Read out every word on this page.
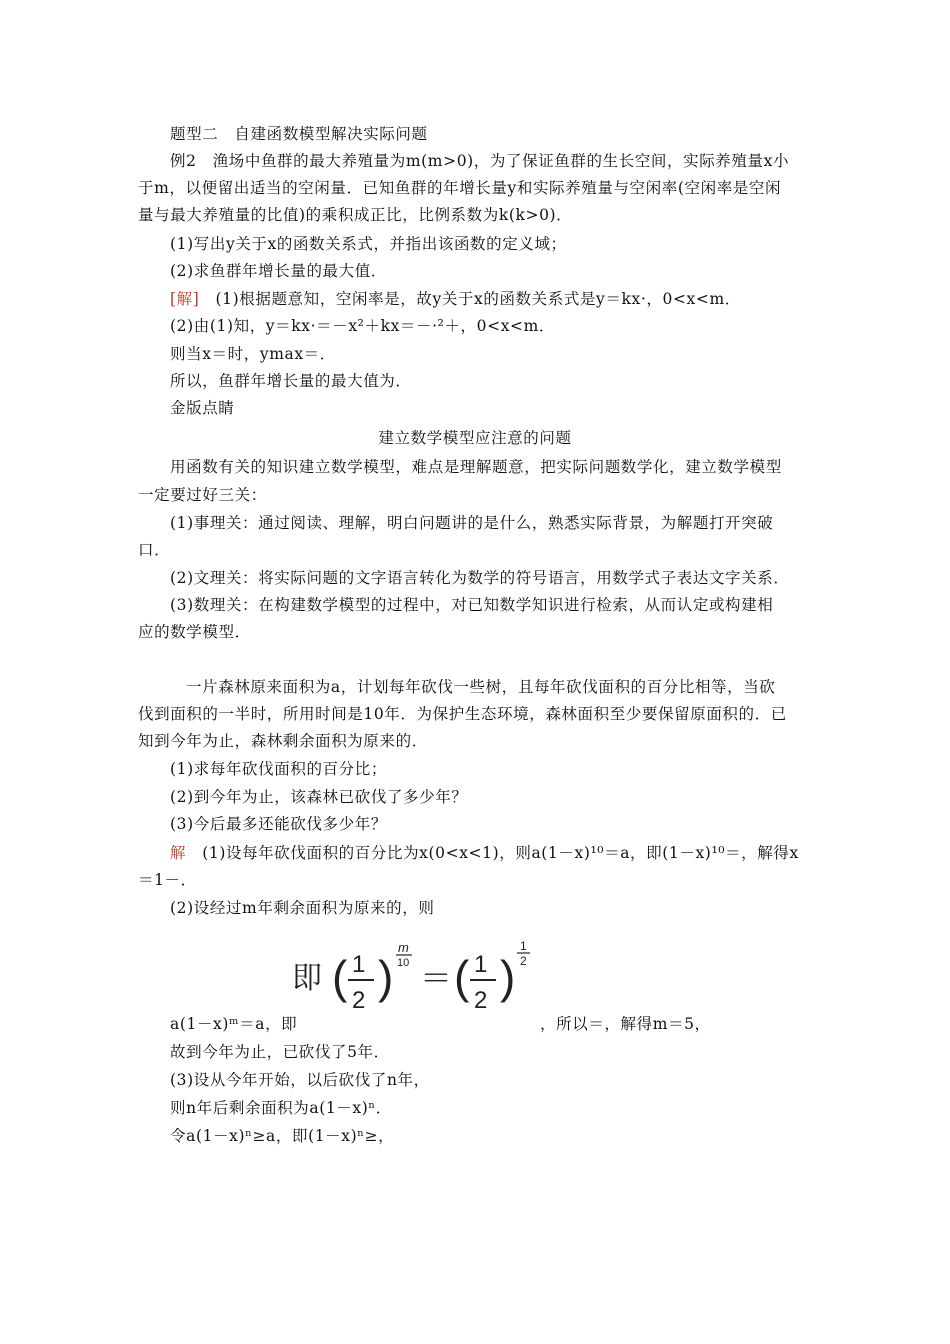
题型二　自建函数模型解决实际问题
例2　渔场中鱼群的最大养殖量为m(m>0)，为了保证鱼群的生长空间，实际养殖量x小
于m，以便留出适当的空闲量．已知鱼群的年增长量y和实际养殖量与空闲率(空闲率是空闲
量与最大养殖量的比值)的乘积成正比，比例系数为k(k>0)．
(1)写出y关于x的函数关系式，并指出该函数的定义域；
(2)求鱼群年增长量的最大值．
[解]　(1)根据题意知，空闲率是，故y关于x的函数关系式是y＝kx·，0<x<m．
(2)由(1)知，y＝kx·＝－x²＋kx＝－·²＋，0<x<m．
则当x＝时，ymax＝．
所以，鱼群年增长量的最大值为．
金版点睛
建立数学模型应注意的问题
用函数有关的知识建立数学模型，难点是理解题意，把实际问题数学化，建立数学模型
一定要过好三关：
(1)事理关：通过阅读、理解，明白问题讲的是什么，熟悉实际背景，为解题打开突破
口．
(2)文理关：将实际问题的文字语言转化为数学的符号语言，用数学式子表达文字关系．
(3)数理关：在构建数学模型的过程中，对已知数学知识进行检索，从而认定或构建相
应的数学模型．
一片森林原来面积为a，计划每年砍伐一些树，且每年砍伐面积的百分比相等，当砍
伐到面积的一半时，所用时间是10年．为保护生态环境，森林面积至少要保留原面积的．已
知到今年为止，森林剩余面积为原来的．
(1)求每年砍伐面积的百分比；
(2)到今年为止，该森林已砍伐了多少年？
(3)今后最多还能砍伐多少年？
解　(1)设每年砍伐面积的百分比为x(0<x<1)，则a(1－x)¹⁰＝a，即(1－x)¹⁰＝，解得x
＝1－．
(2)设经过m年剩余面积为原来的，则
即 ( 1
2 )
m
10 ＝ ( 1
2 )
1
2
a(1－x)ᵐ＝a，即	，所以＝，解得m＝5，
故到今年为止，已砍伐了5年．
(3)设从今年开始，以后砍伐了n年，
则n年后剩余面积为a(1－x)ⁿ．
令a(1－x)ⁿ≥a，即(1－x)ⁿ≥，
